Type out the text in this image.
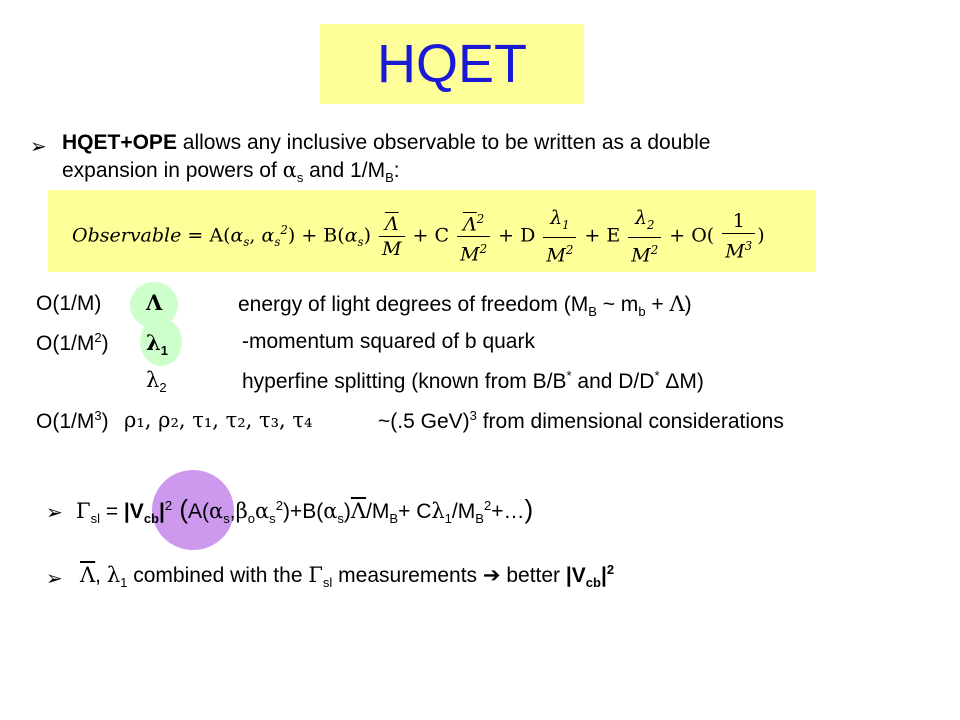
HQET
➢ HQET+OPE allows any inclusive observable to be written as a double
expansion in powers of $\alpha_s$ and $1/M_B$:
Observable = $A(\alpha_s$, $\alpha_s^2) + B(\alpha_s) \frac{\overline{\Lambda}}{M} + C \frac{\overline{\Lambda}^2}{M^2} + D \frac{\lambda_1}{M^2} + E \frac{\lambda_2}{M^2} + O( \frac{1}{M^3}$ )
O(1/M) Λ	energy of light degrees of freedom ($M_B$ ~ $m_b + \Lambda$)
$O(1/M^2)$ $\lambda_1$	-momentum squared of b quark
$\lambda_2$	hyperfine splitting (known from B/B* and D/D* ΔM)
$O(1/M^3)$ ρ₁, ρ₂, τ₁, τ₂, τ₃, τ₄	~(.5 GeV)$^3$ from dimensional considerations
➢ $\Gamma_{sl} = |V_{cb}|^2$ ($A(\alpha_s,\beta_o\alpha_s^2)+B(\alpha_s)\overline{\Lambda}/M_B+$ $C\lambda_1/M_B^2+\dots$)
➢ $\overline{\Lambda}$, $\lambda_1$ combined with the $\Gamma_{sl}$ measurements ➔ better $|V_{cb}|^2$
